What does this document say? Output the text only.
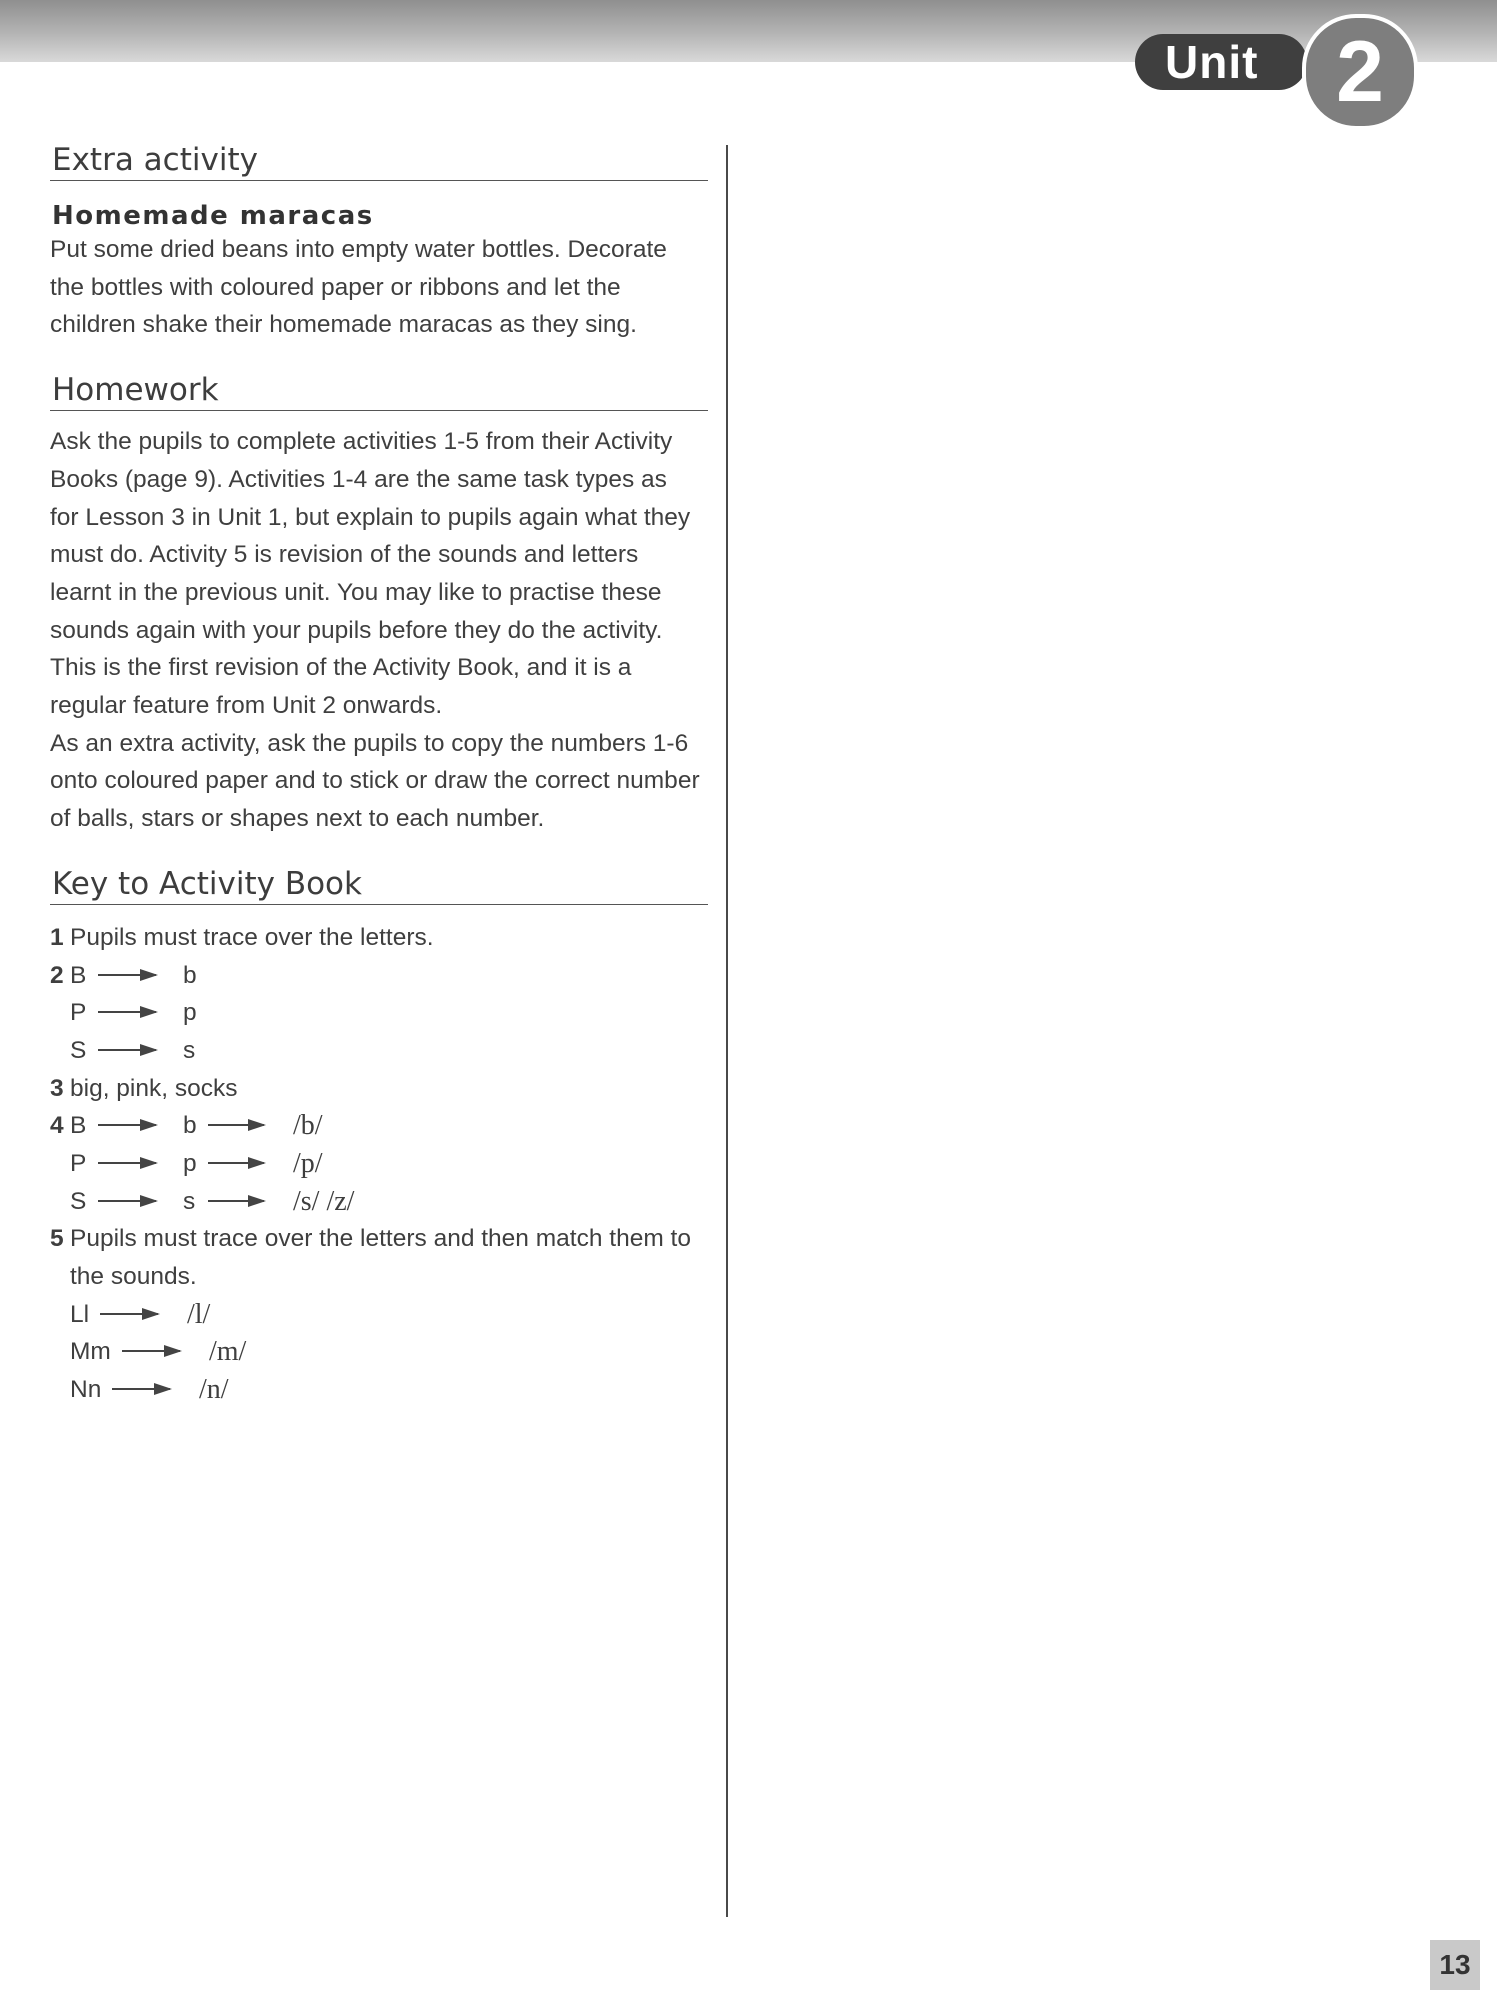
Unit 2
Extra activity
Homemade maracas

Put some dried beans into empty water bottles. Decorate
the bottles with coloured paper or ribbons and let the
children shake their homemade maracas as they sing.

Homework

Ask the pupils to complete activities 1-5 from their Activity
Books (page 9). Activities 1-4 are the same task types as
for Lesson 3 in Unit 1, but explain to pupils again what they
must do. Activity 5 is revision of the sounds and letters
learnt in the previous unit. You may like to practise these
sounds again with your pupils before they do the activity.
This is the first revision of the Activity Book, and it is a
regular feature from Unit 2 onwards.
As an extra activity, ask the pupils to copy the numbers 1-6
onto coloured paper and to stick or draw the correct number
of balls, stars or shapes next to each number.

Key to Activity Book
1 Pupils must trace over the letters.
2 B	b
P	p
S	s
3 big, pink, socks
4 B	b	/b/
P	p	/p/
S	s	/s/ /z/
5 Pupils must trace over the letters and then match them to
the sounds.
Ll	/l/
Mm	/m/
Nn	/n/
13
